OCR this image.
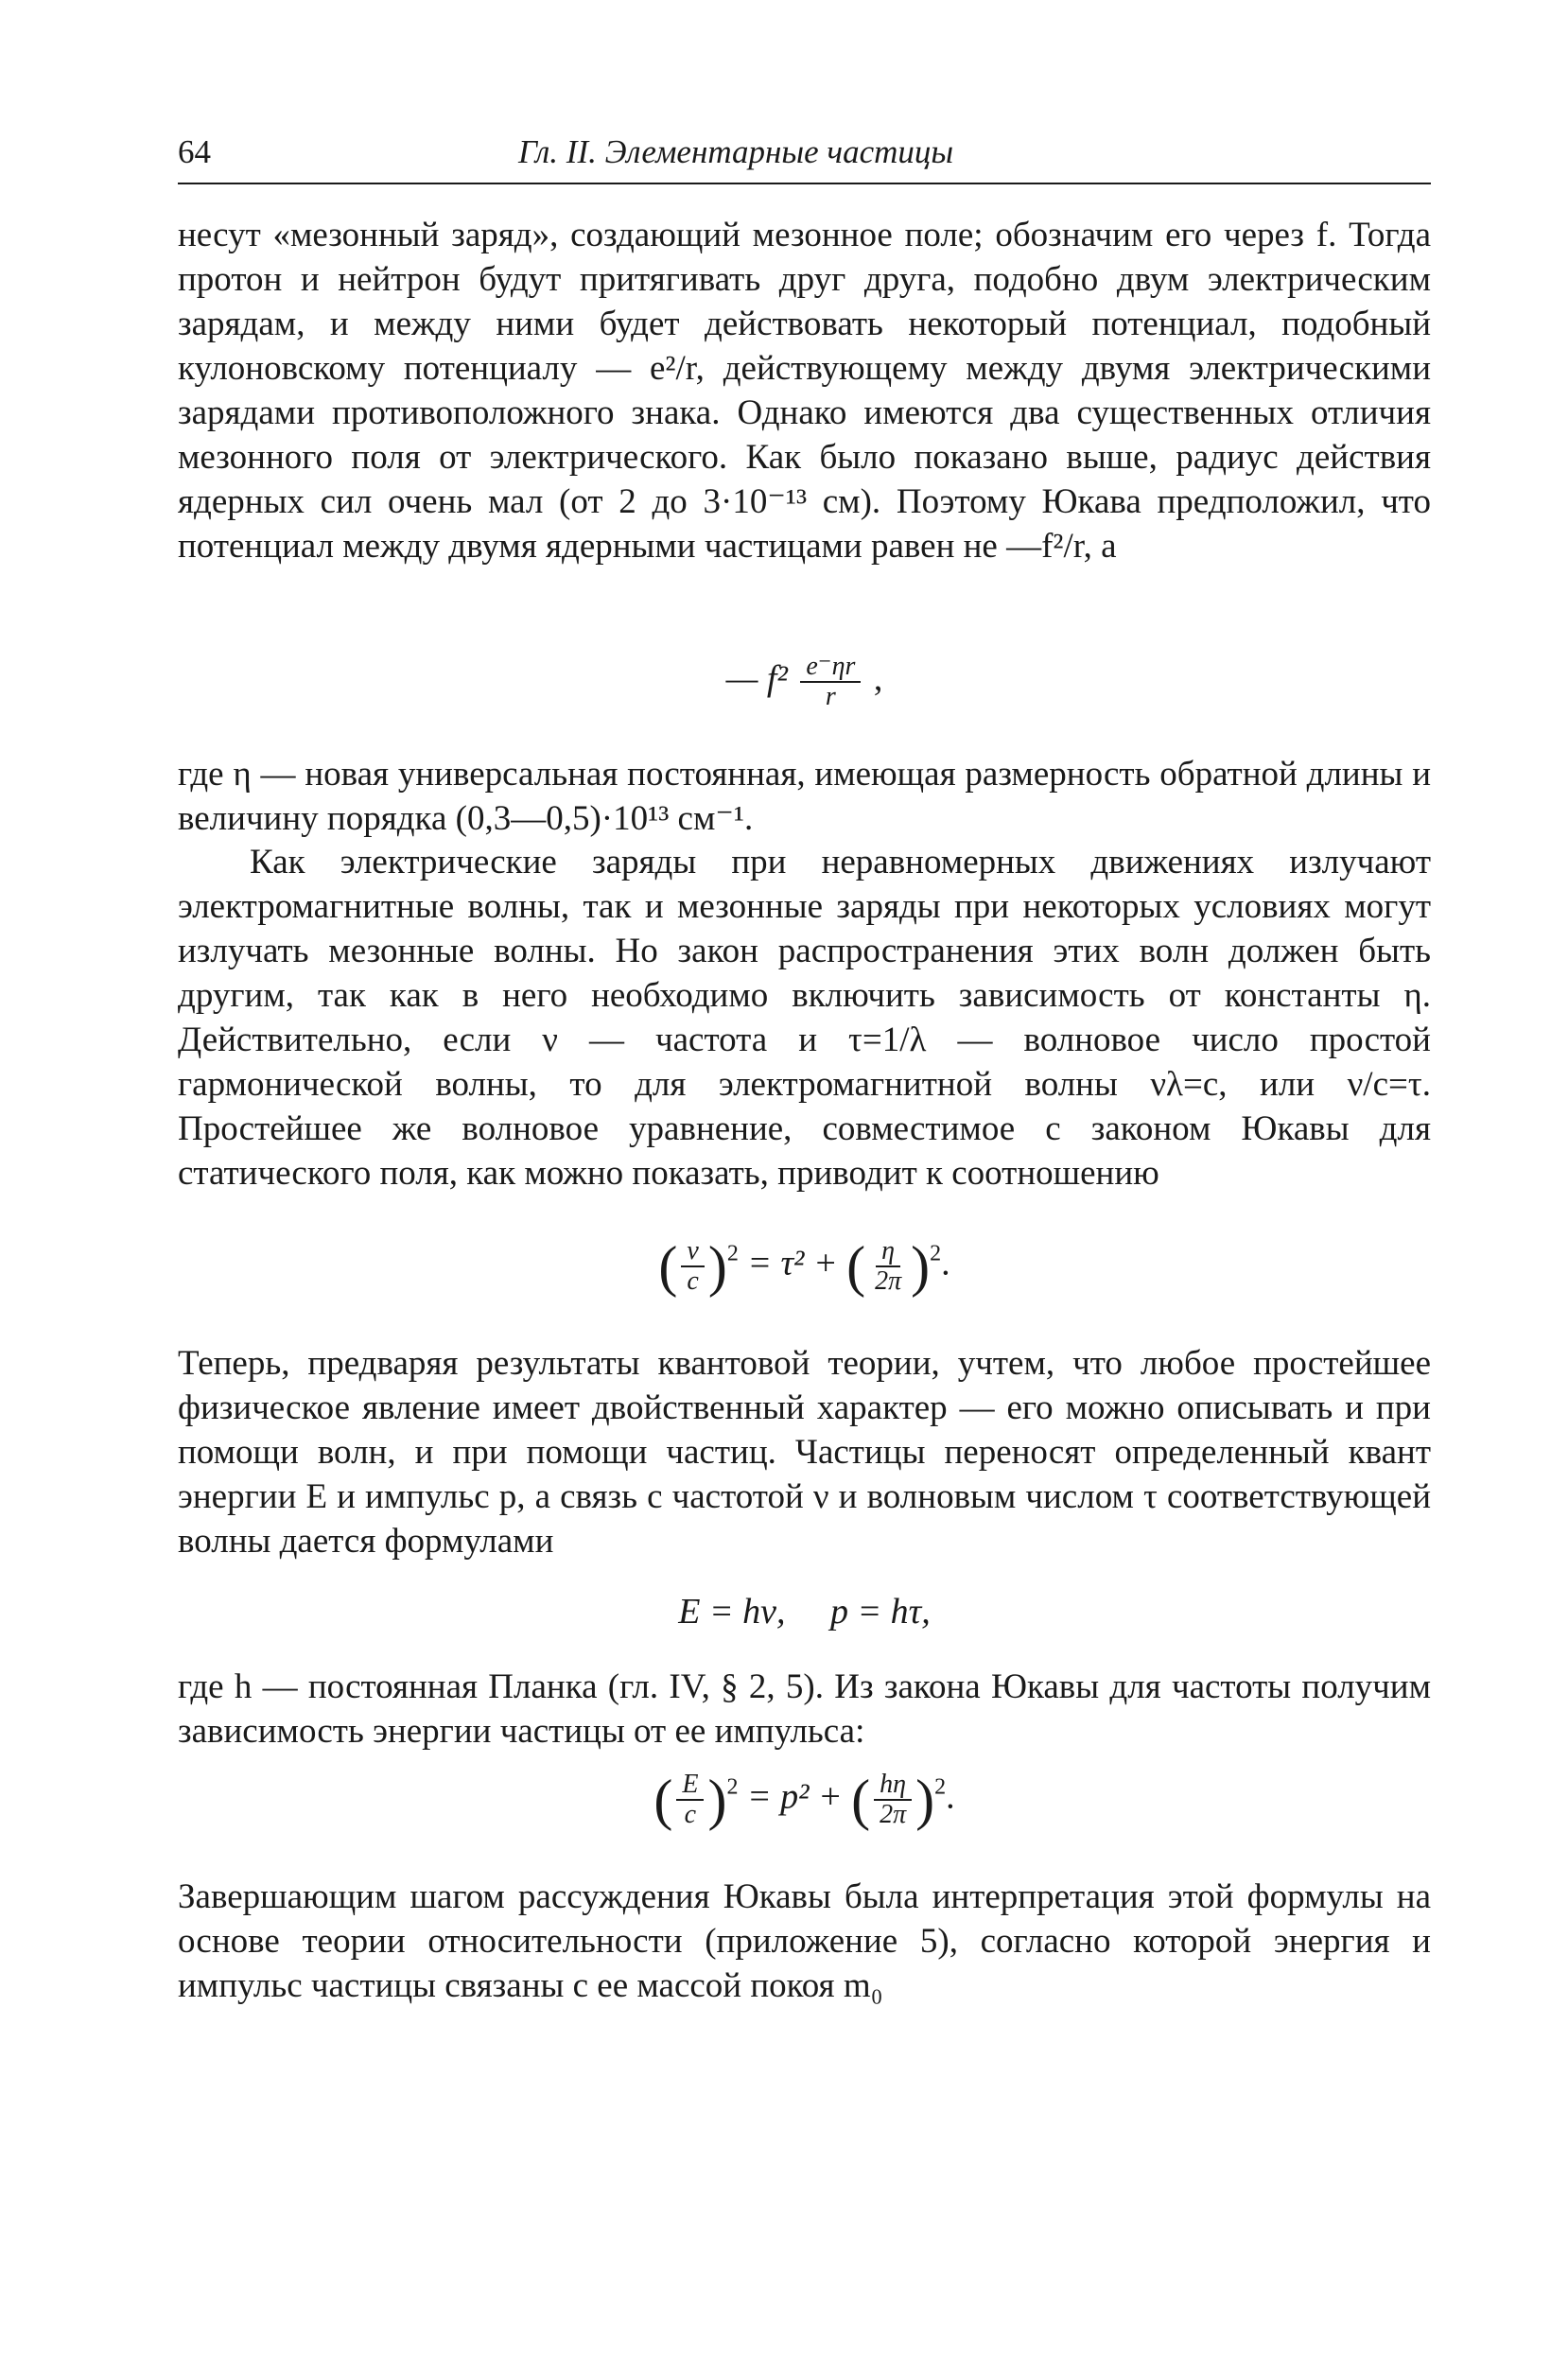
64	Гл. II. Элементарные частицы

несут «мезонный заряд», создающий мезонное поле; обозначим его через f. Тогда протон и нейтрон будут притягивать друг друга, подобно двум электрическим зарядам, и между ними будет действовать некоторый потенциал, подобный кулоновскому потенциалу — e²/r, действующему между двумя электрическими зарядами противоположного знака. Однако имеются два существенных отличия мезонного поля от электрического. Как было показано выше, радиус действия ядерных сил очень мал (от 2 до 3·10⁻¹³ см). Поэтому Юкава предположил, что потенциал между двумя ядерными частицами равен не —f²/r, а

— $f^2 \frac{e^-\eta r}{r}$ ,

где η — новая универсальная постоянная, имеющая размерность обратной длины и величину порядка (0,3—0,5)·10¹³ см⁻¹.

Как электрические заряды при неравномерных движениях излучают электромагнитные волны, так и мезонные заряды при некоторых условиях могут излучать мезонные волны. Но закон распространения этих волн должен быть другим, так как в него необходимо включить зависимость от константы η. Действительно, если ν — частота и τ=1/λ — волновое число простой гармонической волны, то для электромагнитной волны νλ=c, или ν/c=τ. Простейшее же волновое уравнение, совместимое с законом Юкавы для статического поля, как можно показать, приводит к соотношению

( $\frac{\nu}{c} )^2 = \tau^2$ + ( $\frac{\eta}{2\pi} )^2$.

Теперь, предваряя результаты квантовой теории, учтем, что любое простейшее физическое явление имеет двойственный характер — его можно описывать и при помощи волн, и при помощи частиц. Частицы переносят определенный квант энергии E и импульс p, а связь с частотой ν и волновым числом τ соответствующей волны дается формулами

E = hν,     p = hτ,

где h — постоянная Планка (гл. IV, § 2, 5). Из закона Юкавы для частоты получим зависимость энергии частицы от ее импульса:

( $\frac{E}{c} )^2 = p^2$ + ( $\frac{h\eta}{2\pi} )^2$.

Завершающим шагом рассуждения Юкавы была интерпретация этой формулы на основе теории относительности (приложение 5), согласно которой энергия и импульс частицы связаны с ее массой покоя m₀
